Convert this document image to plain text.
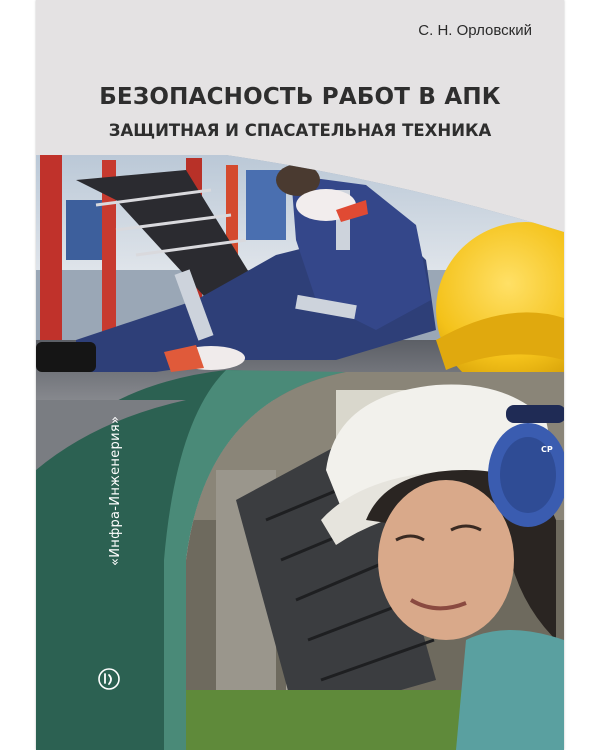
С. Н. Орловский
БЕЗОПАСНОСТЬ РАБОТ В АПК
ЗАЩИТНАЯ И СПАСАТЕЛЬНАЯ ТЕХНИКА
CP
«Инфра-Инженерия»
